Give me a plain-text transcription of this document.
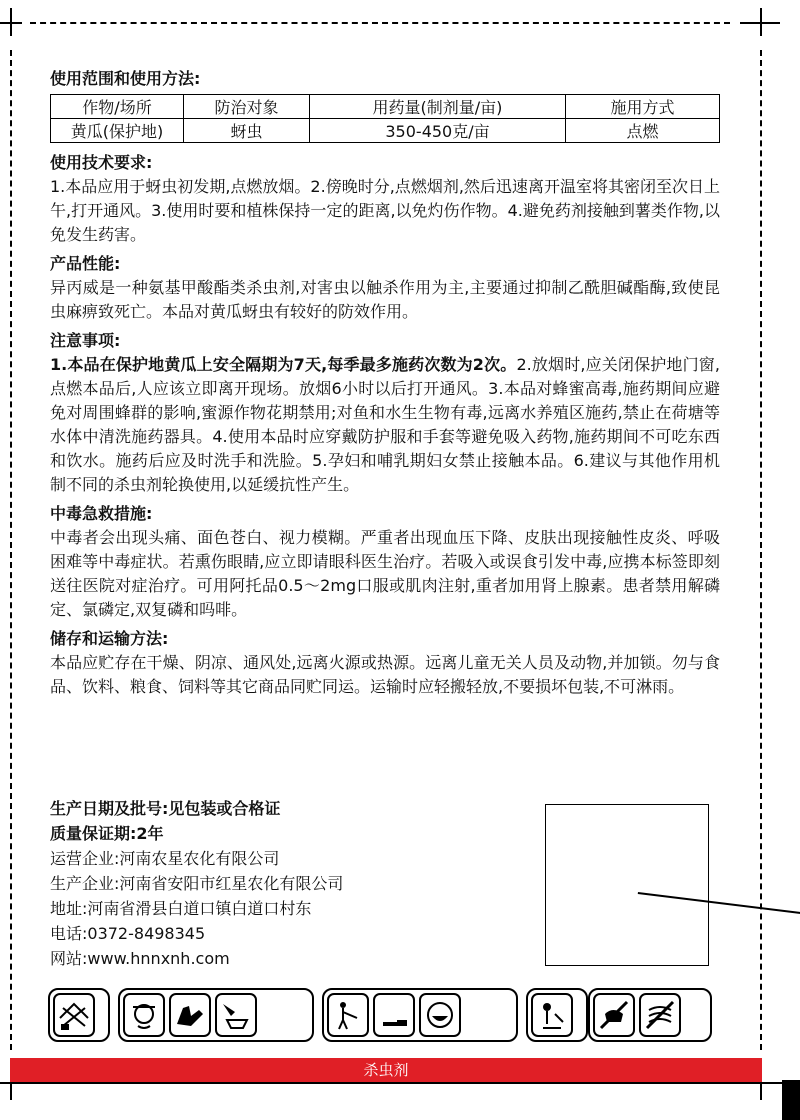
使用范围和使用方法:
作物/场所	防治对象	用药量(制剂量/亩)	施用方式
黄瓜(保护地)	蚜虫	350-450克/亩	点燃
使用技术要求:

1.本品应用于蚜虫初发期,点燃放烟。2.傍晚时分,点燃烟剂,然后迅速离开温室将其密闭至次日上午,打开通风。3.使用时要和植株保持一定的距离,以免灼伤作物。4.避免药剂接触到薯类作物,以免发生药害。

产品性能:

异丙威是一种氨基甲酸酯类杀虫剂,对害虫以触杀作用为主,主要通过抑制乙酰胆碱酯酶,致使昆虫麻痹致死亡。本品对黄瓜蚜虫有较好的防效作用。

注意事项:

1.本品在保护地黄瓜上安全隔期为7天,每季最多施药次数为2次。2.放烟时,应关闭保护地门窗,点燃本品后,人应该立即离开现场。放烟6小时以后打开通风。3.本品对蜂蜜高毒,施药期间应避免对周围蜂群的影响,蜜源作物花期禁用;对鱼和水生生物有毒,远离水养殖区施药,禁止在荷塘等水体中清洗施药器具。4.使用本品时应穿戴防护服和手套等避免吸入药物,施药期间不可吃东西和饮水。施药后应及时洗手和洗脸。5.孕妇和哺乳期妇女禁止接触本品。6.建议与其他作用机制不同的杀虫剂轮换使用,以延缓抗性产生。

中毒急救措施:

中毒者会出现头痛、面色苍白、视力模糊。严重者出现血压下降、皮肤出现接触性皮炎、呼吸困难等中毒症状。若熏伤眼睛,应立即请眼科医生治疗。若吸入或误食引发中毒,应携本标签即刻送往医院对症治疗。可用阿托品0.5～2mg口服或肌肉注射,重者加用肾上腺素。患者禁用解磷定、氯磷定,双复磷和吗啡。

储存和运输方法:

本品应贮存在干燥、阴凉、通风处,远离火源或热源。远离儿童无关人员及动物,并加锁。勿与食品、饮料、粮食、饲料等其它商品同贮同运。运输时应轻搬轻放,不要损坏包装,不可淋雨。

生产日期及批号:见包装或合格证
质量保证期:2年
运营企业:河南农星农化有限公司
生产企业:河南省安阳市红星农化有限公司
地址:河南省滑县白道口镇白道口村东
电话:0372-8498345
网站:www.hnnxnh.com
杀虫剂
